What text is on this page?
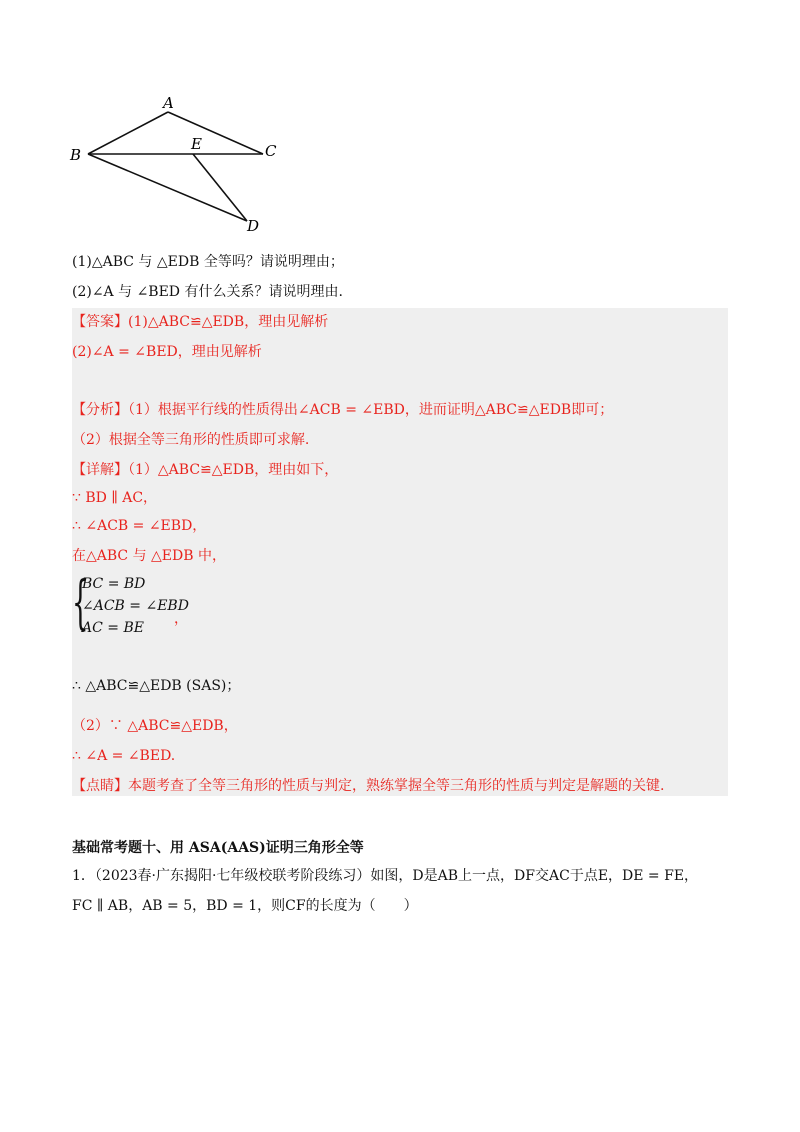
A
B
E	C
D
(1)△ABC 与 △EDB 全等吗？请说明理由；
(2)∠A 与 ∠BED 有什么关系？请说明理由.
【答案】(1)△ABC≌△EDB，理由见解析
(2)∠A = ∠BED，理由见解析
【分析】（1）根据平行线的性质得出∠ACB = ∠EBD，进而证明△ABC≌△EDB即可；
（2）根据全等三角形的性质即可求解.
【详解】（1）△ABC≌△EDB，理由如下，
∵ BD ∥ AC，
∴ ∠ACB = ∠EBD，
在△ABC 与 △EDB 中，
{
BC = BD
∠ACB = ∠EBD
AC = BE
，
∴ △ABC≌△EDB (SAS)；
（2）∵ △ABC≌△EDB，
∴ ∠A = ∠BED.
【点睛】本题考查了全等三角形的性质与判定，熟练掌握全等三角形的性质与判定是解题的关键.
基础常考题十、用 ASA(AAS)证明三角形全等
1．（2023春·广东揭阳·七年级校联考阶段练习）如图，D是AB上一点，DF交AC于点E，DE = FE，
FC ∥ AB，AB = 5，BD = 1，则CF的长度为（　　）
